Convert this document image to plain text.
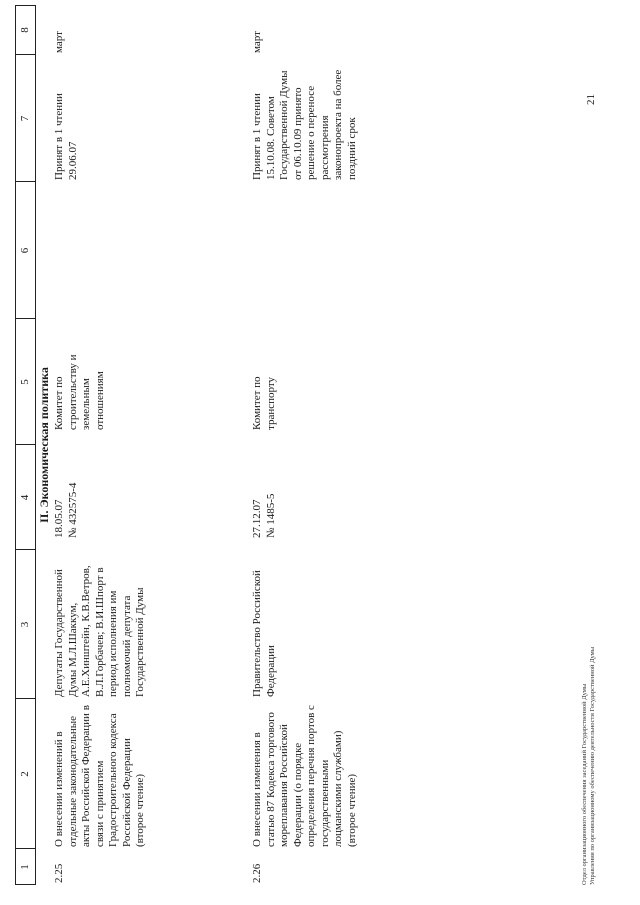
1
2
3
4
5
6
7
8
II. Экономическая политика
2.25
О внесении изменений в отдельные законодательные акты Российской Федерации в связи с принятием Градостроительного кодекса Российской Федерации (второе чтение)
Депутаты Государственной Думы М.Л.Шаккум, А.Е.Хинштейн, К.В.Ветров, В.Л.Горбачев; В.И.Шпорт в период исполнения им полномочий депутата Государственной Думы
18.05.07
№ 432575-4
Комитет по строительству и земельным отношениям
Принят в 1 чтении 29.06.07
март
2.26
О внесении изменения в статью 87 Кодекса торгового мореплавания Российской Федерации (о порядке определения перечня портов с государственными лоцманскими службами) (второе чтение)
Правительство Российской Федерации
27.12.07
№ 1485-5
Комитет по транспорту
Принят в 1 чтении 15.10.08. Советом Государственной Думы от 06.10.09 принято решение о переносе рассмотрения законопроекта на более поздний срок
март
21
Отдел организационного обеспечения заседаний Государственной Думы
Управления по организационному обеспечению деятельности Государственной Думы
